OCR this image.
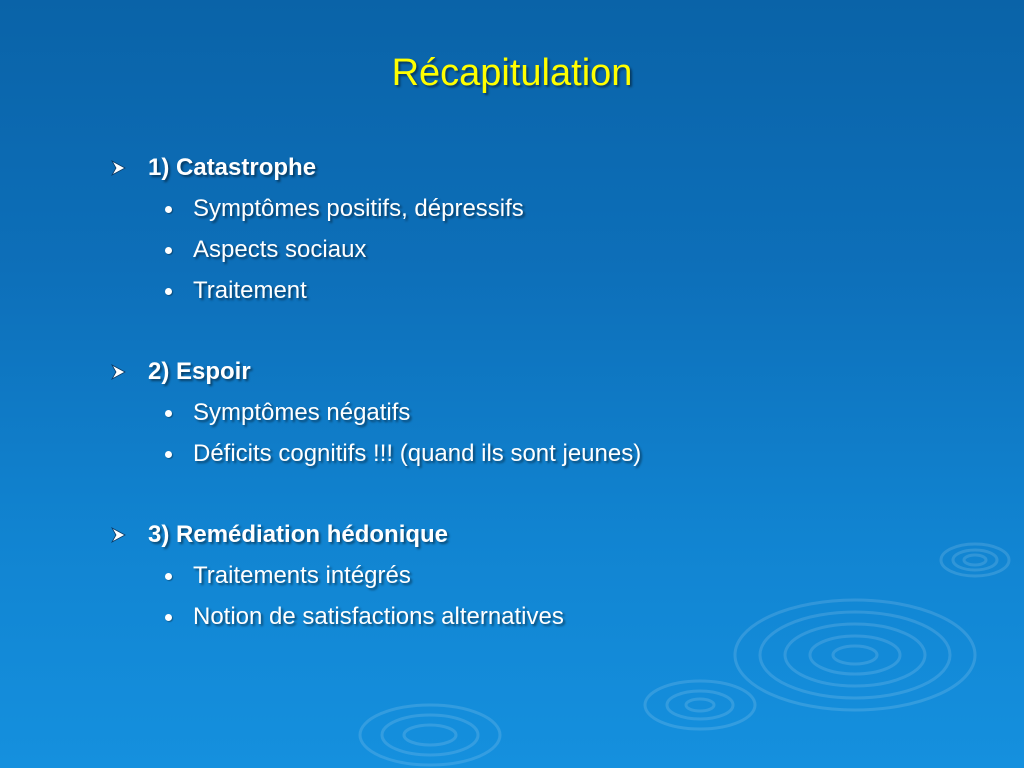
Récapitulation
1) Catastrophe
Symptômes positifs, dépressifs
Aspects sociaux
Traitement
2) Espoir
Symptômes négatifs
Déficits cognitifs !!! (quand ils sont jeunes)
3) Remédiation hédonique
Traitements intégrés
Notion de satisfactions alternatives
